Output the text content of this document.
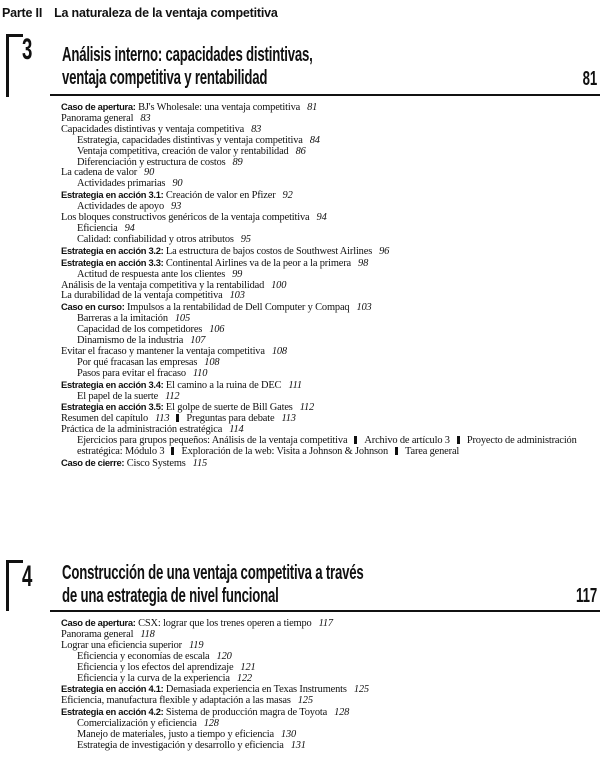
Parte II La naturaleza de la ventaja competitiva
3 Análisis interno: capacidades distintivas,
ventaja competitiva y rentabilidad	81
Caso de apertura: BJ's Wholesale: una ventaja competitiva 81
Panorama general 83
Capacidades distintivas y ventaja competitiva 83
Estrategia, capacidades distintivas y ventaja competitiva 84
Ventaja competitiva, creación de valor y rentabilidad 86
Diferenciación y estructura de costos 89
La cadena de valor 90
Actividades primarias 90
Estrategia en acción 3.1: Creación de valor en Pfizer 92
Actividades de apoyo 93
Los bloques constructivos genéricos de la ventaja competitiva 94
Eficiencia 94
Calidad: confiabilidad y otros atributos 95
Estrategia en acción 3.2: La estructura de bajos costos de Southwest Airlines 96
Estrategia en acción 3.3: Continental Airlines va de la peor a la primera 98
Actitud de respuesta ante los clientes 99
Análisis de la ventaja competitiva y la rentabilidad 100
La durabilidad de la ventaja competitiva 103
Caso en curso: Impulsos a la rentabilidad de Dell Computer y Compaq 103
Barreras a la imitación 105
Capacidad de los competidores 106
Dinamismo de la industria 107
Evitar el fracaso y mantener la ventaja competitiva 108
Por qué fracasan las empresas 108
Pasos para evitar el fracaso 110
Estrategia en acción 3.4: El camino a la ruina de DEC 111
El papel de la suerte 112
Estrategia en acción 3.5: El golpe de suerte de Bill Gates 112
Resumen del capítulo 113 Preguntas para debate 113
Práctica de la administración estratégica 114
Ejercicios para grupos pequeños: Análisis de la ventaja competitiva Archivo de artículo 3 Proyecto de administración estratégica: Módulo 3 Exploración de la web: Visita a Johnson & Johnson Tarea general
Caso de cierre: Cisco Systems 115
4 Construcción de una ventaja competitiva a través
de una estrategia de nivel funcional	117
Caso de apertura: CSX: lograr que los trenes operen a tiempo 117
Panorama general 118
Lograr una eficiencia superior 119
Eficiencia y economías de escala 120
Eficiencia y los efectos del aprendizaje 121
Eficiencia y la curva de la experiencia 122
Estrategia en acción 4.1: Demasiada experiencia en Texas Instruments 125
Eficiencia, manufactura flexible y adaptación a las masas 125
Estrategia en acción 4.2: Sistema de producción magra de Toyota 128
Comercialización y eficiencia 128
Manejo de materiales, justo a tiempo y eficiencia 130
Estrategia de investigación y desarrollo y eficiencia 131
